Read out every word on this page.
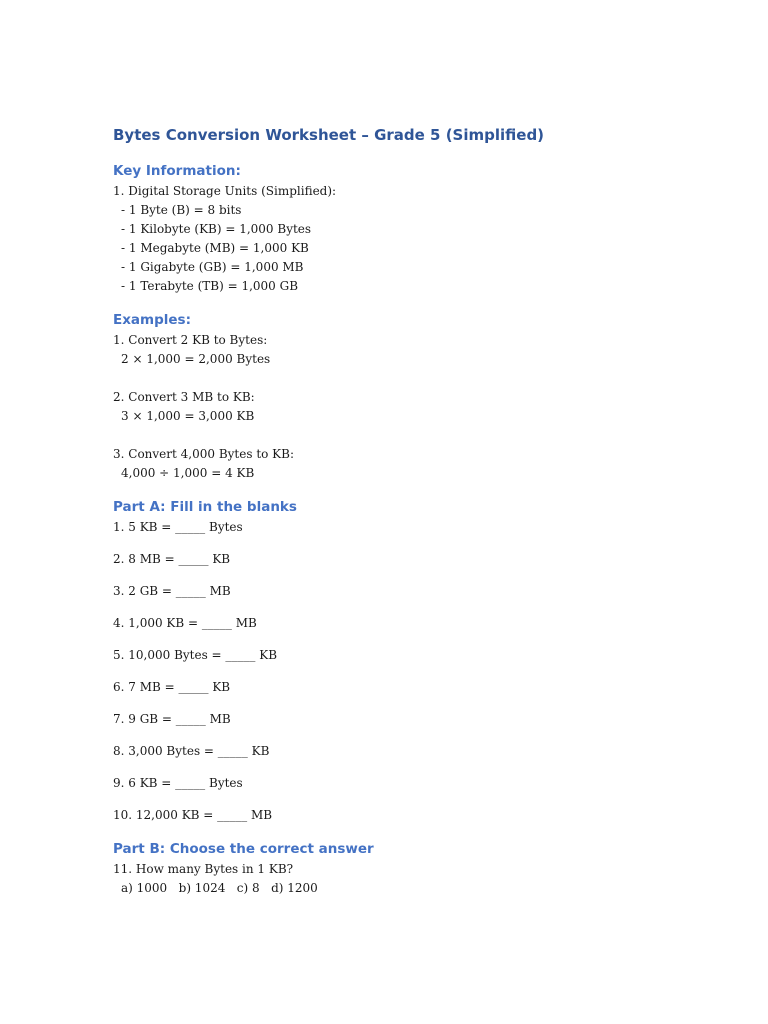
Bytes Conversion Worksheet – Grade 5 (Simplified)
Key Information:

1. Digital Storage Units (Simplified):

- 1 Byte (B) = 8 bits

- 1 Kilobyte (KB) = 1,000 Bytes

- 1 Megabyte (MB) = 1,000 KB

- 1 Gigabyte (GB) = 1,000 MB

- 1 Terabyte (TB) = 1,000 GB

Examples:

1. Convert 2 KB to Bytes:

2 × 1,000 = 2,000 Bytes

2. Convert 3 MB to KB:

3 × 1,000 = 3,000 KB

3. Convert 4,000 Bytes to KB:

4,000 ÷ 1,000 = 4 KB

Part A: Fill in the blanks

1. 5 KB = _____ Bytes

2. 8 MB = _____ KB

3. 2 GB = _____ MB

4. 1,000 KB = _____ MB

5. 10,000 Bytes = _____ KB

6. 7 MB = _____ KB

7. 9 GB = _____ MB

8. 3,000 Bytes = _____ KB

9. 6 KB = _____ Bytes

10. 12,000 KB = _____ MB

Part B: Choose the correct answer

11. How many Bytes in 1 KB?

a) 1000   b) 1024   c) 8   d) 1200
